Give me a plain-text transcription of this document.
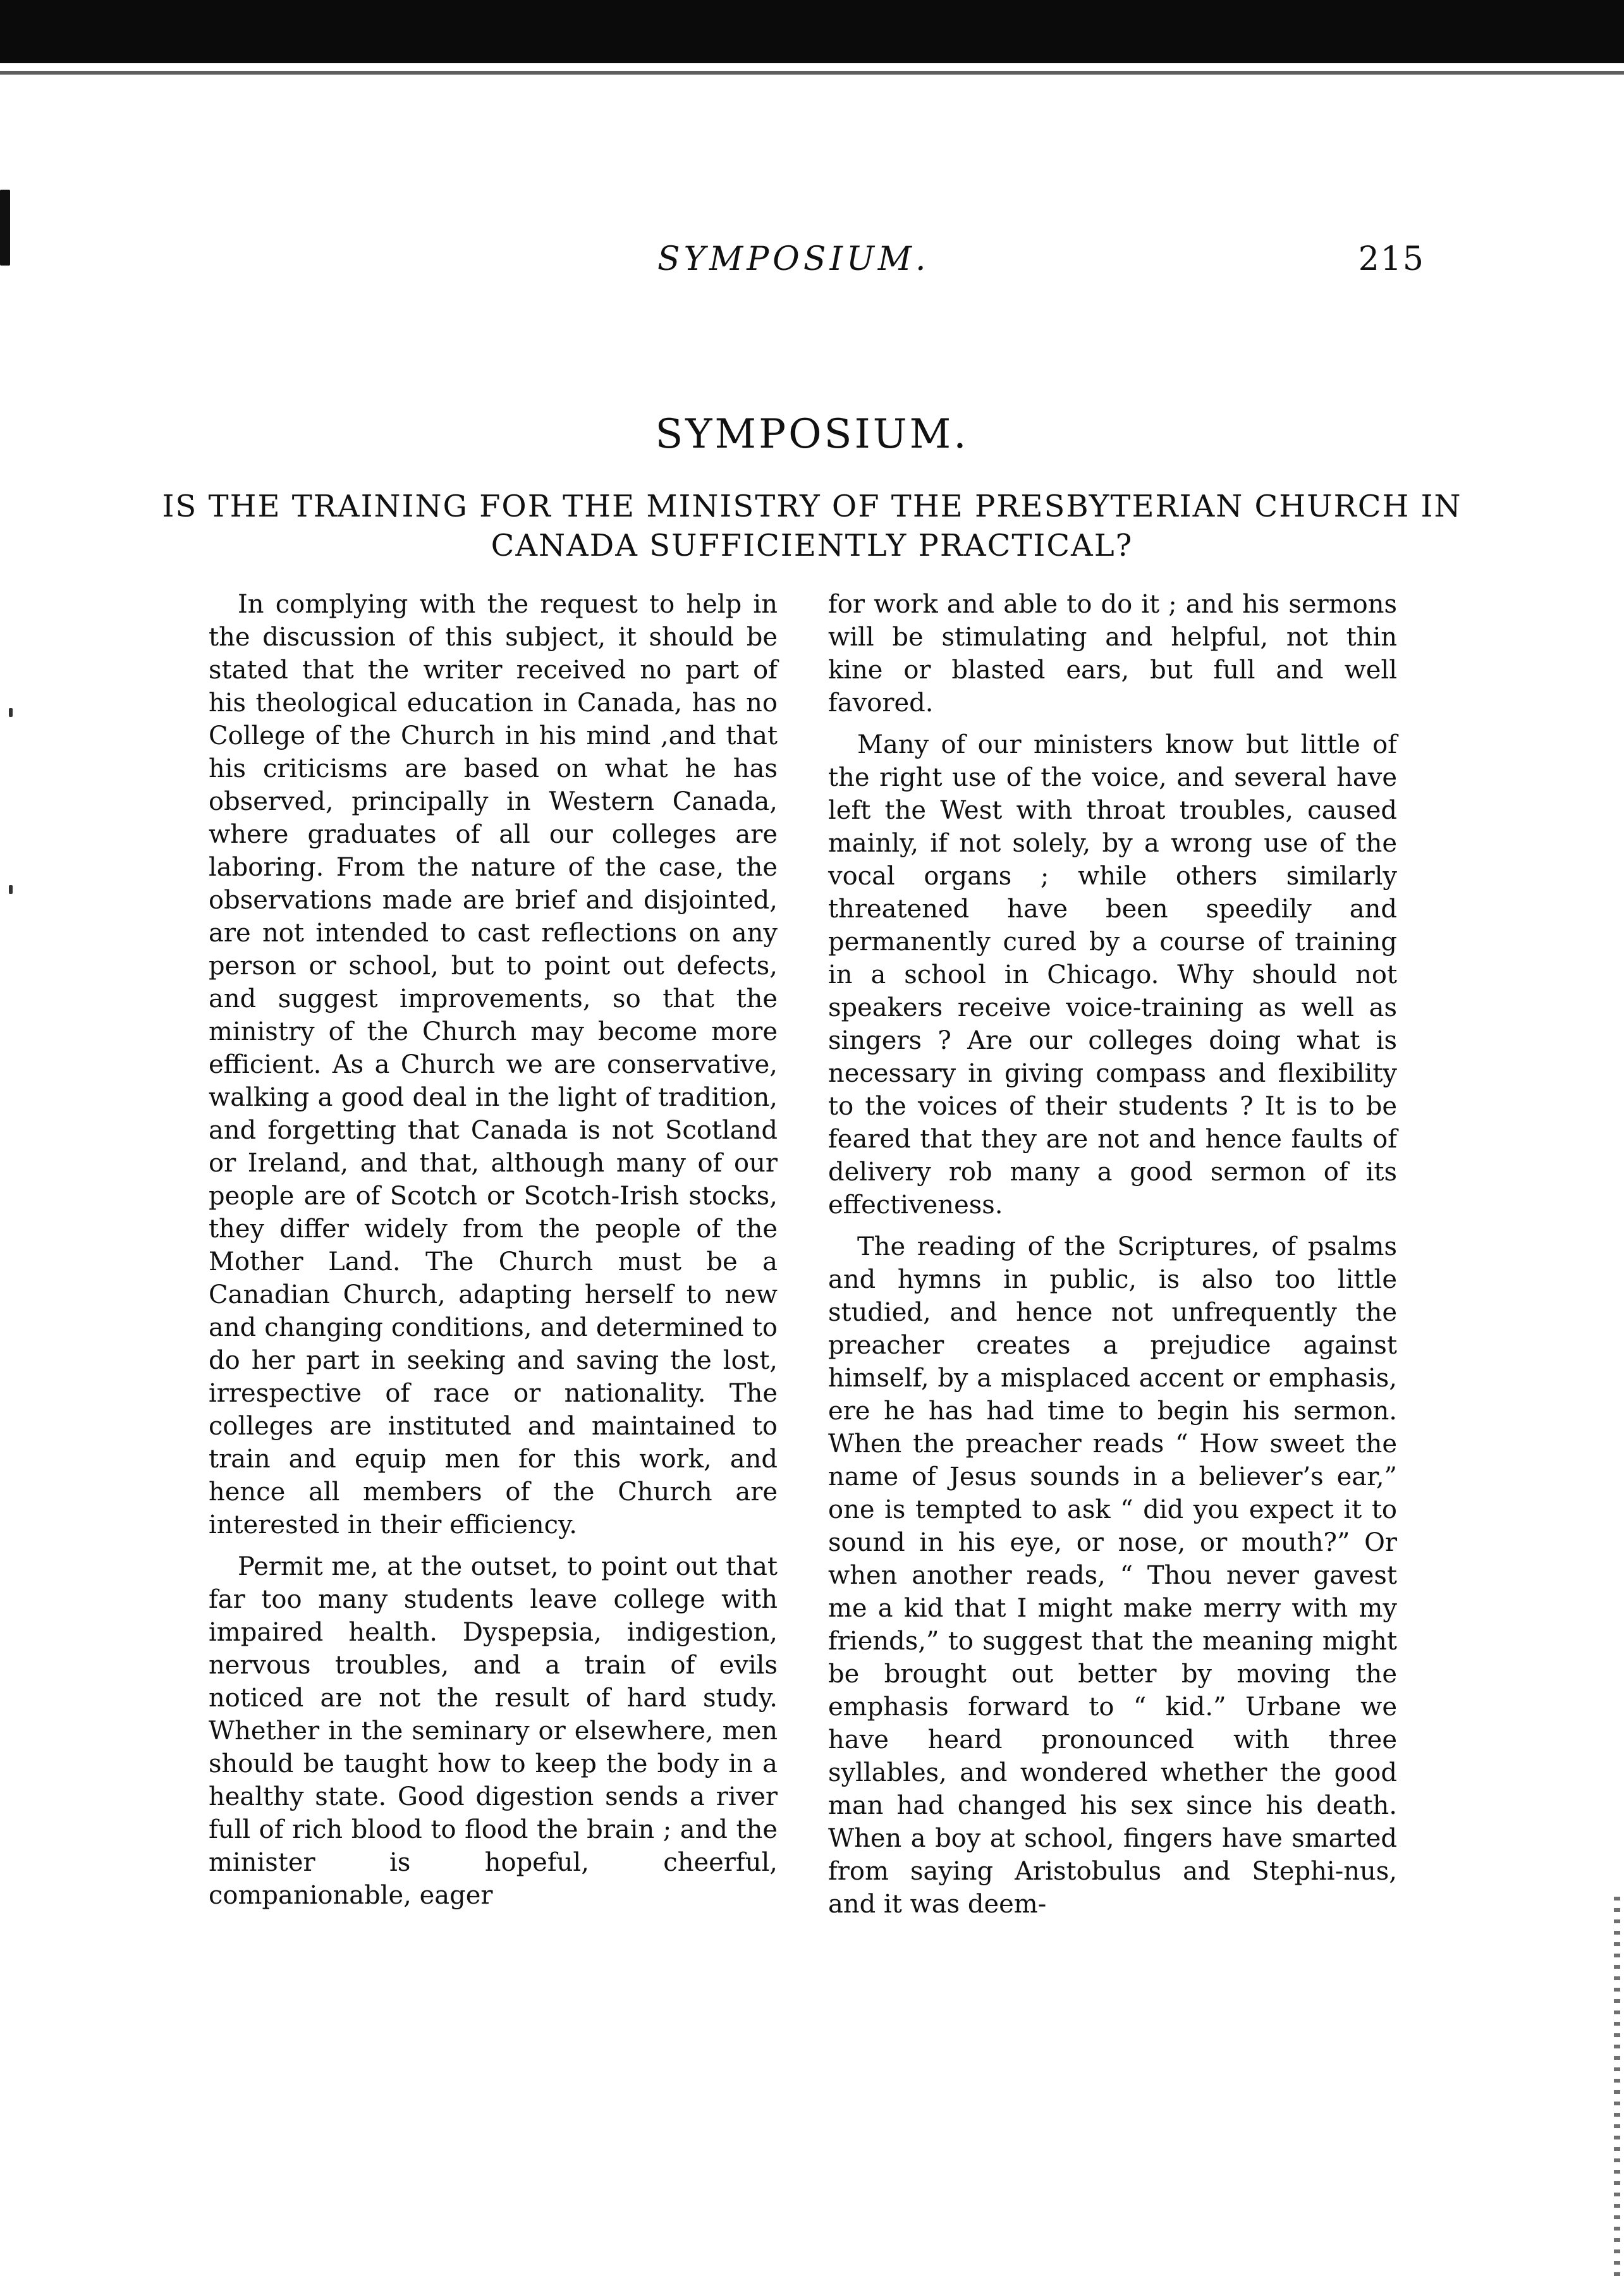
SYMPOSIUM.	215
SYMPOSIUM.
IS THE TRAINING FOR THE MINISTRY OF THE PRESBYTERIAN CHURCH IN
CANADA SUFFICIENTLY PRACTICAL?

In complying with the request to help in the discussion of this subject, it should be stated that the writer received no part of his theological education in Canada, has no College of the Church in his mind ,and that his criticisms are based on what he has observed, principally in Western Canada, where graduates of all our colleges are laboring. From the nature of the case, the observations made are brief and disjointed, are not intended to cast reflections on any person or school, but to point out defects, and suggest improvements, so that the ministry of the Church may become more efficient. As a Church we are conservative, walking a good deal in the light of tradition, and forgetting that Canada is not Scotland or Ireland, and that, although many of our people are of Scotch or Scotch-Irish stocks, they differ widely from the people of the Mother Land. The Church must be a Canadian Church, adapting herself to new and changing conditions, and determined to do her part in seeking and saving the lost, irrespective of race or nationality. The colleges are instituted and maintained to train and equip men for this work, and hence all members of the Church are interested in their efficiency.

Permit me, at the outset, to point out that far too many students leave college with impaired health. Dyspepsia, indigestion, nervous troubles, and a train of evils noticed are not the result of hard study. Whether in the seminary or elsewhere, men should be taught how to keep the body in a healthy state. Good digestion sends a river full of rich blood to flood the brain ; and the minister is hopeful, cheerful, companionable, eager

for work and able to do it ; and his sermons will be stimulating and helpful, not thin kine or blasted ears, but full and well favored.

Many of our ministers know but little of the right use of the voice, and several have left the West with throat troubles, caused mainly, if not solely, by a wrong use of the vocal organs ; while others similarly threatened have been speedily and permanently cured by a course of training in a school in Chicago. Why should not speakers receive voice-training as well as singers ? Are our colleges doing what is necessary in giving compass and flexibility to the voices of their students ? It is to be feared that they are not and hence faults of delivery rob many a good sermon of its effectiveness.

The reading of the Scriptures, of psalms and hymns in public, is also too little studied, and hence not unfrequently the preacher creates a prejudice against himself, by a misplaced accent or emphasis, ere he has had time to begin his sermon. When the preacher reads “ How sweet the name of Jesus sounds in a believer’s ear,” one is tempted to ask “ did you expect it to sound in his eye, or nose, or mouth?” Or when another reads, “ Thou never gavest me a kid that I might make merry with my friends,” to suggest that the meaning might be brought out better by moving the emphasis forward to “ kid.” Urbane we have heard pronounced with three syllables, and wondered whether the good man had changed his sex since his death. When a boy at school, fingers have smarted from saying Aristobulus and Stephi-nus, and it was deem-
